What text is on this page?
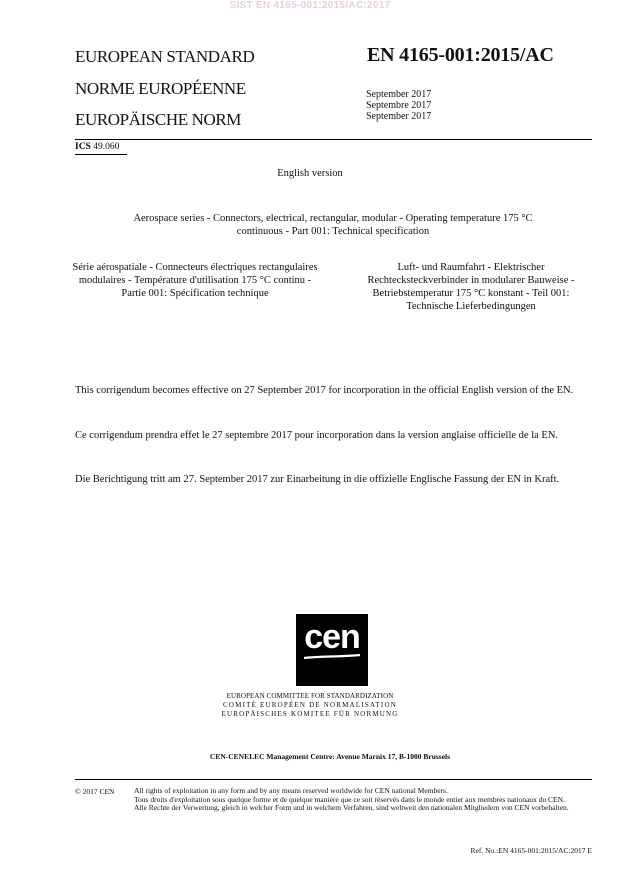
SIST EN 4165-001:2015/AC:2017
EUROPEAN STANDARD
NORME EUROPÉENNE
EUROPÄISCHE NORM
EN 4165-001:2015/AC
September 2017
Septembre 2017
September 2017
ICS 49.060
English version
Aerospace series - Connectors, electrical, rectangular, modular - Operating temperature 175 °C continuous - Part 001: Technical specification
Série aérospatiale - Connecteurs électriques rectangulaires modulaires - Température d'utilisation 175 °C continu - Partie 001: Spécification technique
Luft- und Raumfahrt - Elektrischer Rechtecksteckverbinder in modularer Bauweise - Betriebstemperatur 175 °C konstant - Teil 001: Technische Lieferbedingungen
This corrigendum becomes effective on 27 September 2017 for incorporation in the official English version of the EN.
Ce corrigendum prendra effet le 27 septembre 2017 pour incorporation dans la version anglaise officielle de la EN.
Die Berichtigung tritt am 27. September 2017 zur Einarbeitung in die offizielle Englische Fassung der EN in Kraft.
cen
EUROPEAN COMMITTEE FOR STANDARDIZATION
COMITÉ EUROPÉEN DE NORMALISATION
EUROPÄISCHES KOMITEE FÜR NORMUNG
CEN-CENELEC Management Centre: Avenue Marnix 17, B-1000 Brussels
© 2017 CEN	All rights of exploitation in any form and by any means reserved worldwide for CEN national Members.
Tous droits d'exploitation sous quelque forme et de quelque manière que ce soit réservés dans le monde entier aux membres nationaux du CEN.
Alle Rechte der Verwertung, gleich in welcher Form und in welchem Verfahren, sind weltweit den nationalen Mitgliedern von CEN vorbehalten.
Ref. No.:EN 4165-001:2015/AC:2017 E
